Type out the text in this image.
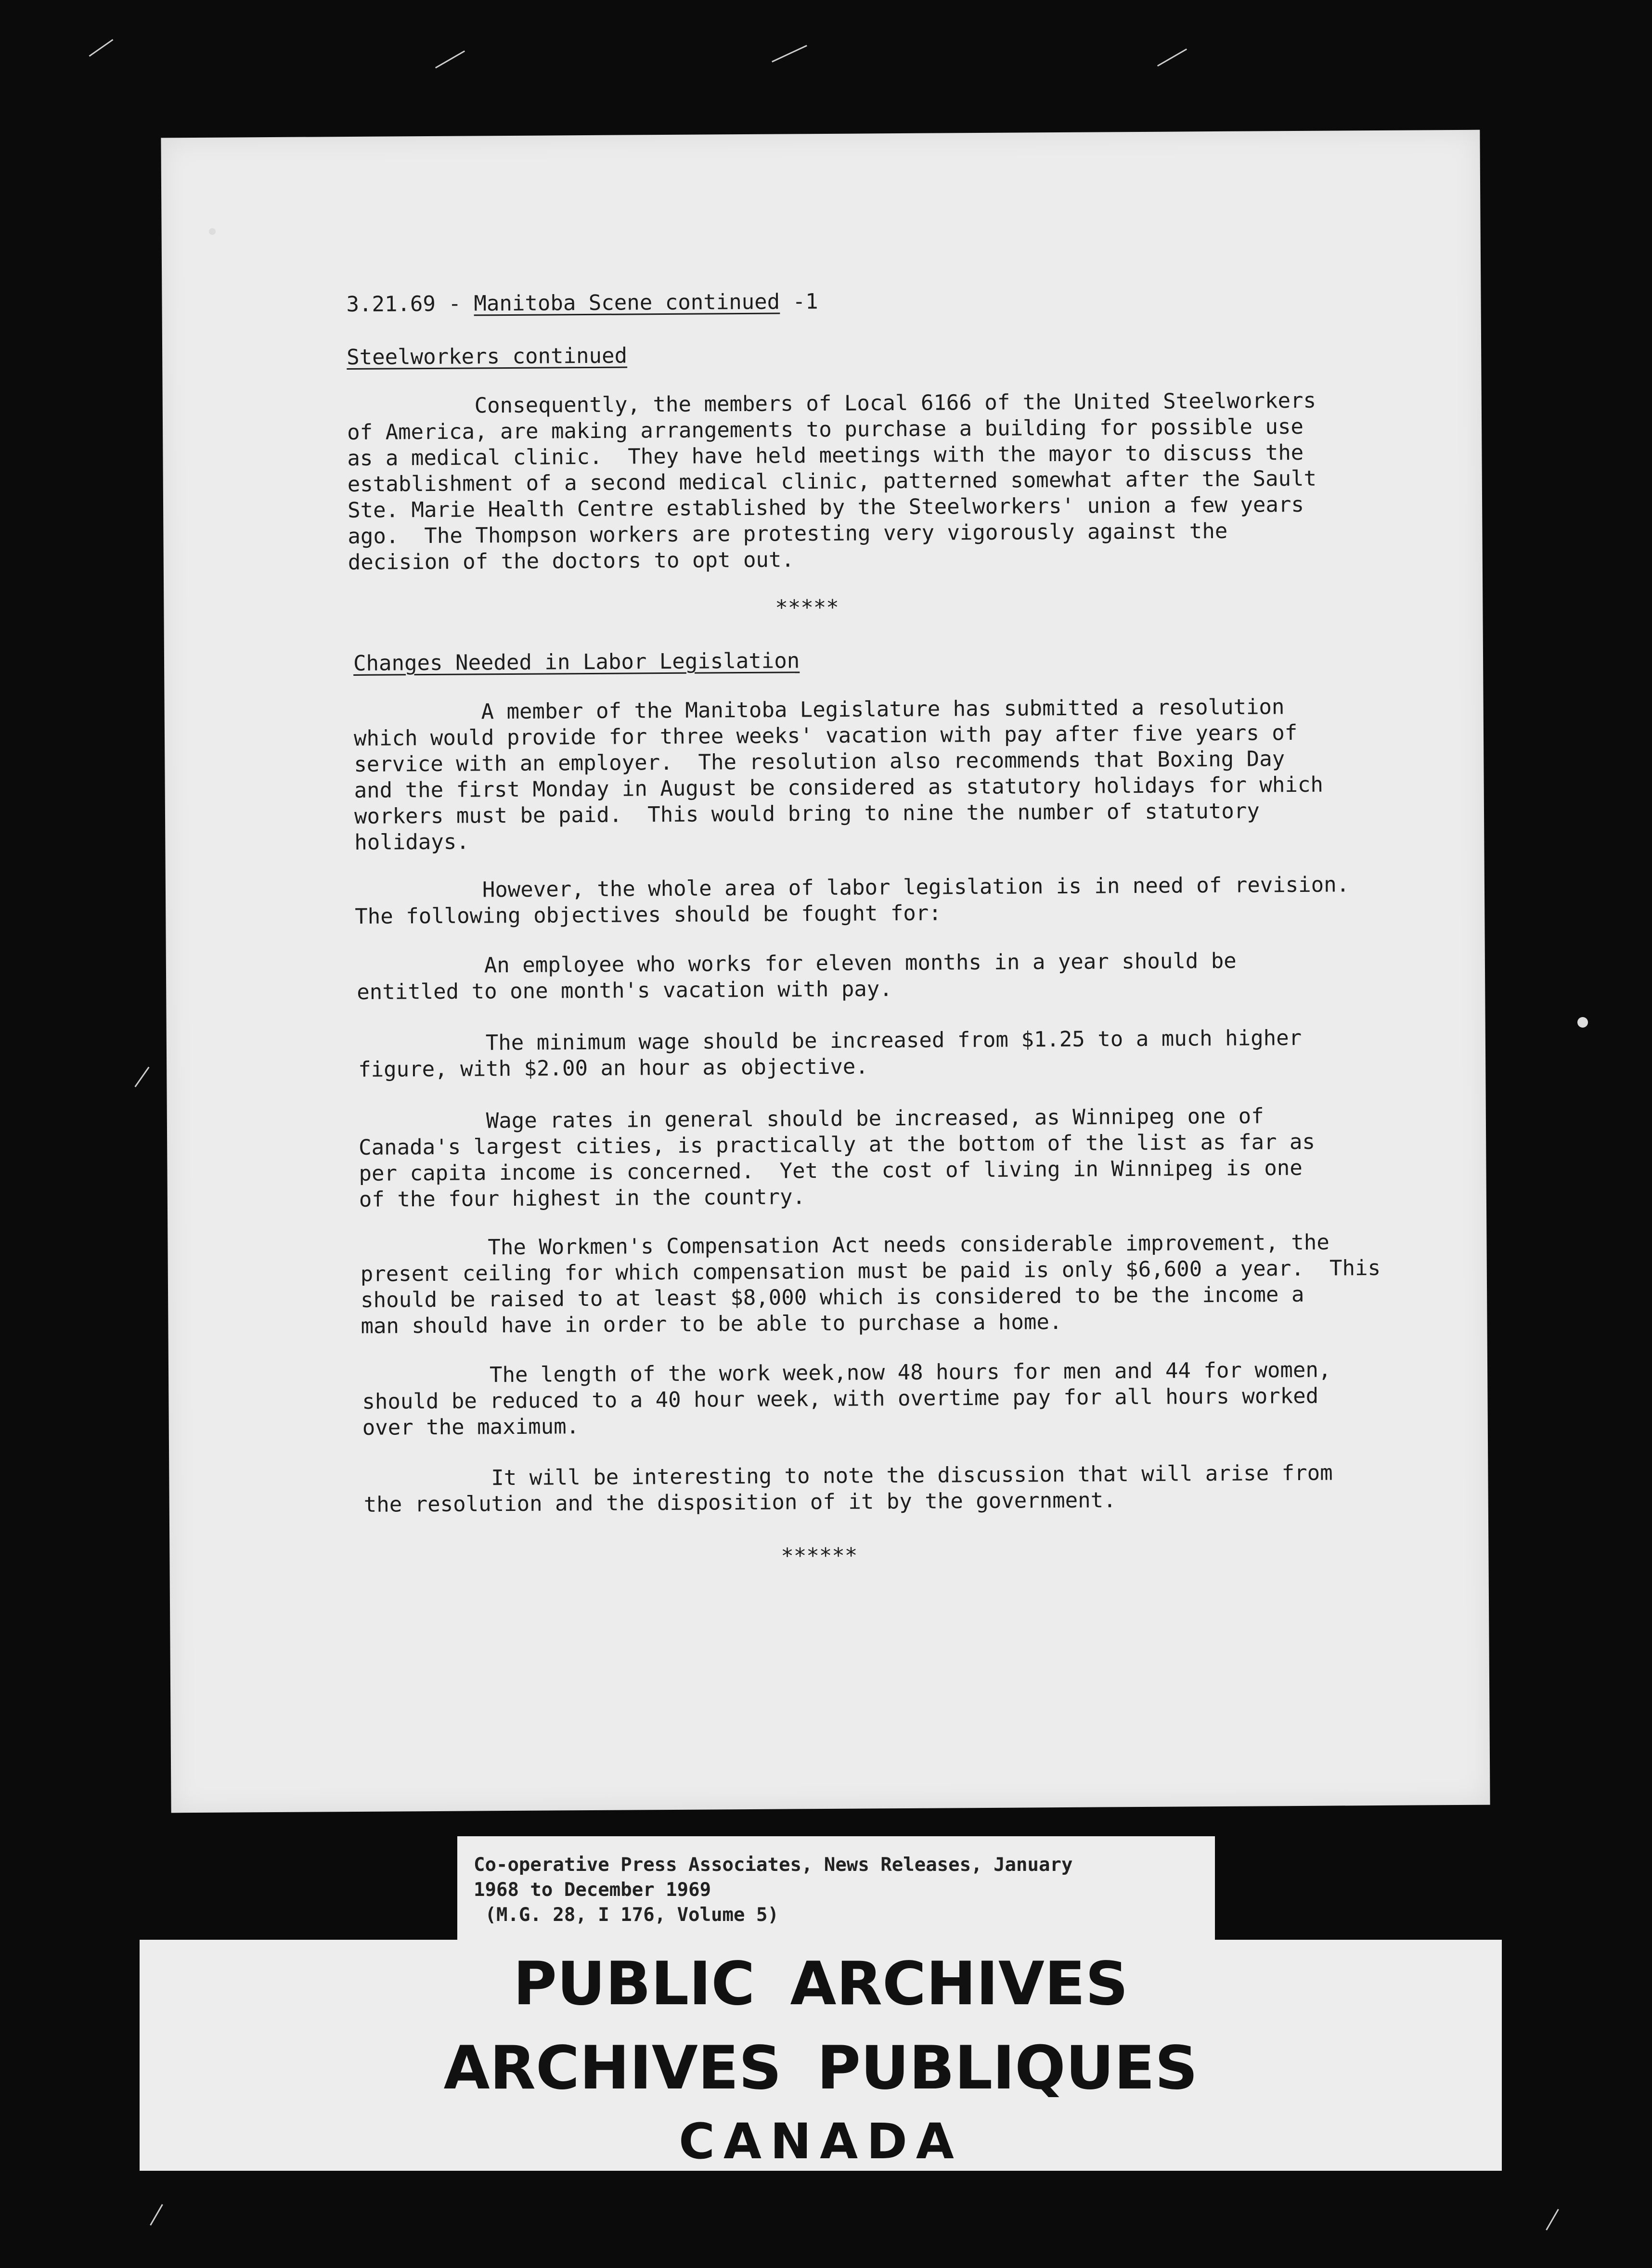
3.21.69 - Manitoba Scene continued -1
Steelworkers continued
Consequently, the members of Local 6166 of the United Steelworkers
of America, are making arrangements to purchase a building for possible use
as a medical clinic.  They have held meetings with the mayor to discuss the
establishment of a second medical clinic, patterned somewhat after the Sault
Ste. Marie Health Centre established by the Steelworkers' union a few years
ago.  The Thompson workers are protesting very vigorously against the
decision of the doctors to opt out.
*****
Changes Needed in Labor Legislation
A member of the Manitoba Legislature has submitted a resolution
which would provide for three weeks' vacation with pay after five years of
service with an employer.  The resolution also recommends that Boxing Day
and the first Monday in August be considered as statutory holidays for which
workers must be paid.  This would bring to nine the number of statutory
holidays.
However, the whole area of labor legislation is in need of revision.
The following objectives should be fought for:
An employee who works for eleven months in a year should be
entitled to one month's vacation with pay.
The minimum wage should be increased from $1.25 to a much higher
figure, with $2.00 an hour as objective.
Wage rates in general should be increased, as Winnipeg one of
Canada's largest cities, is practically at the bottom of the list as far as
per capita income is concerned.  Yet the cost of living in Winnipeg is one
of the four highest in the country.
The Workmen's Compensation Act needs considerable improvement, the
present ceiling for which compensation must be paid is only $6,600 a year.  This
should be raised to at least $8,000 which is considered to be the income a
man should have in order to be able to purchase a home.
The length of the work week,now 48 hours for men and 44 for women,
should be reduced to a 40 hour week, with overtime pay for all hours worked
over the maximum.
It will be interesting to note the discussion that will arise from
the resolution and the disposition of it by the government.
******
Co-operative Press Associates, News Releases, January
1968 to December 1969
(M.G. 28, I 176, Volume 5)
PUBLIC ARCHIVES
ARCHIVES PUBLIQUES
CANADA
